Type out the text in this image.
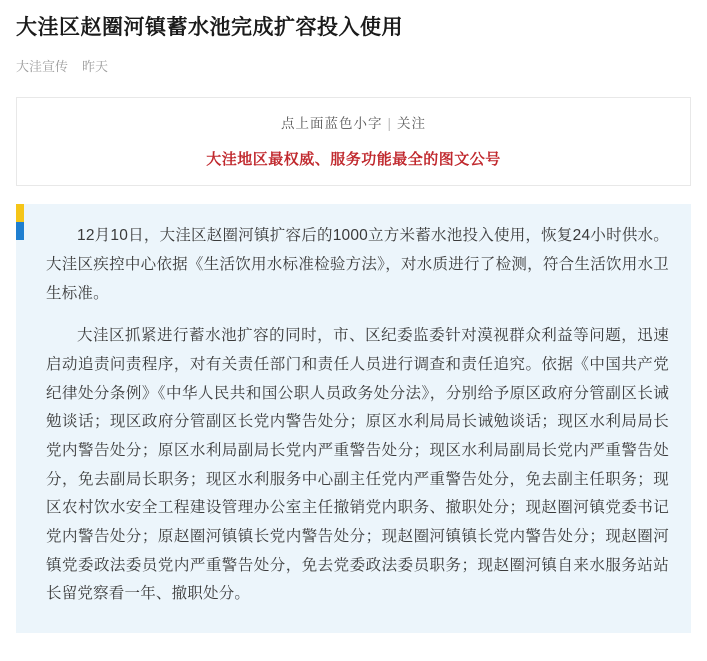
大洼区赵圈河镇蓄水池完成扩容投入使用
大洼宣传 昨天
点上面蓝色小字 | 关注
大洼地区最权威、服务功能最全的图文公号

12月10日，大洼区赵圈河镇扩容后的1000立方米蓄水池投入使用，恢复24小时供水。大洼区疾控中心依据《生活饮用水标准检验方法》，对水质进行了检测，符合生活饮用水卫生标准。

大洼区抓紧进行蓄水池扩容的同时，市、区纪委监委针对漠视群众利益等问题，迅速启动追责问责程序，对有关责任部门和责任人员进行调查和责任追究。依据《中国共产党纪律处分条例》《中华人民共和国公职人员政务处分法》，分别给予原区政府分管副区长诫勉谈话；现区政府分管副区长党内警告处分；原区水利局局长诫勉谈话；现区水利局局长党内警告处分；原区水利局副局长党内严重警告处分；现区水利局副局长党内严重警告处分，免去副局长职务；现区水利服务中心副主任党内严重警告处分，免去副主任职务；现区农村饮水安全工程建设管理办公室主任撤销党内职务、撤职处分；现赵圈河镇党委书记党内警告处分；原赵圈河镇镇长党内警告处分；现赵圈河镇镇长党内警告处分；现赵圈河镇党委政法委员党内严重警告处分，免去党委政法委员职务；现赵圈河镇自来水服务站站长留党察看一年、撤职处分。
